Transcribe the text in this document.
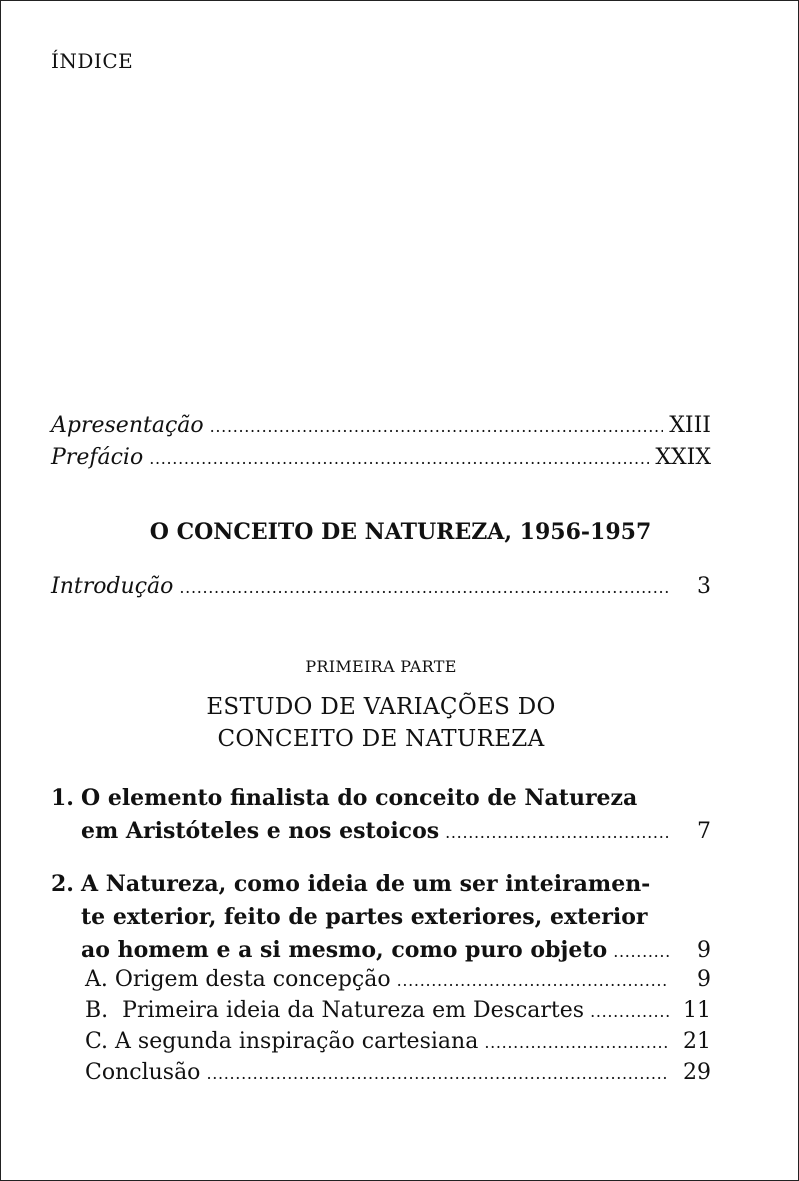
ÍNDICE
Apresentação . . .	XIII
Prefácio . . .	XXIX
O CONCEITO DE NATUREZA, 1956-1957
Introdução . . .	3
PRIMEIRA PARTE
ESTUDO DE VARIAÇÕES DO
CONCEITO DE NATUREZA
1. O elemento finalista do conceito de Natureza
em Aristóteles e nos estoicos . . .	7
2. A Natureza, como ideia de um ser inteiramen-
te exterior, feito de partes exteriores, exterior
ao homem e a si mesmo, como puro objeto . . .	9
A. Origem desta concepção . . .	9
B.  Primeira ideia da Natureza em Descartes . . .	11
C. A segunda inspiração cartesiana . . .	21
Conclusão . . .	29
